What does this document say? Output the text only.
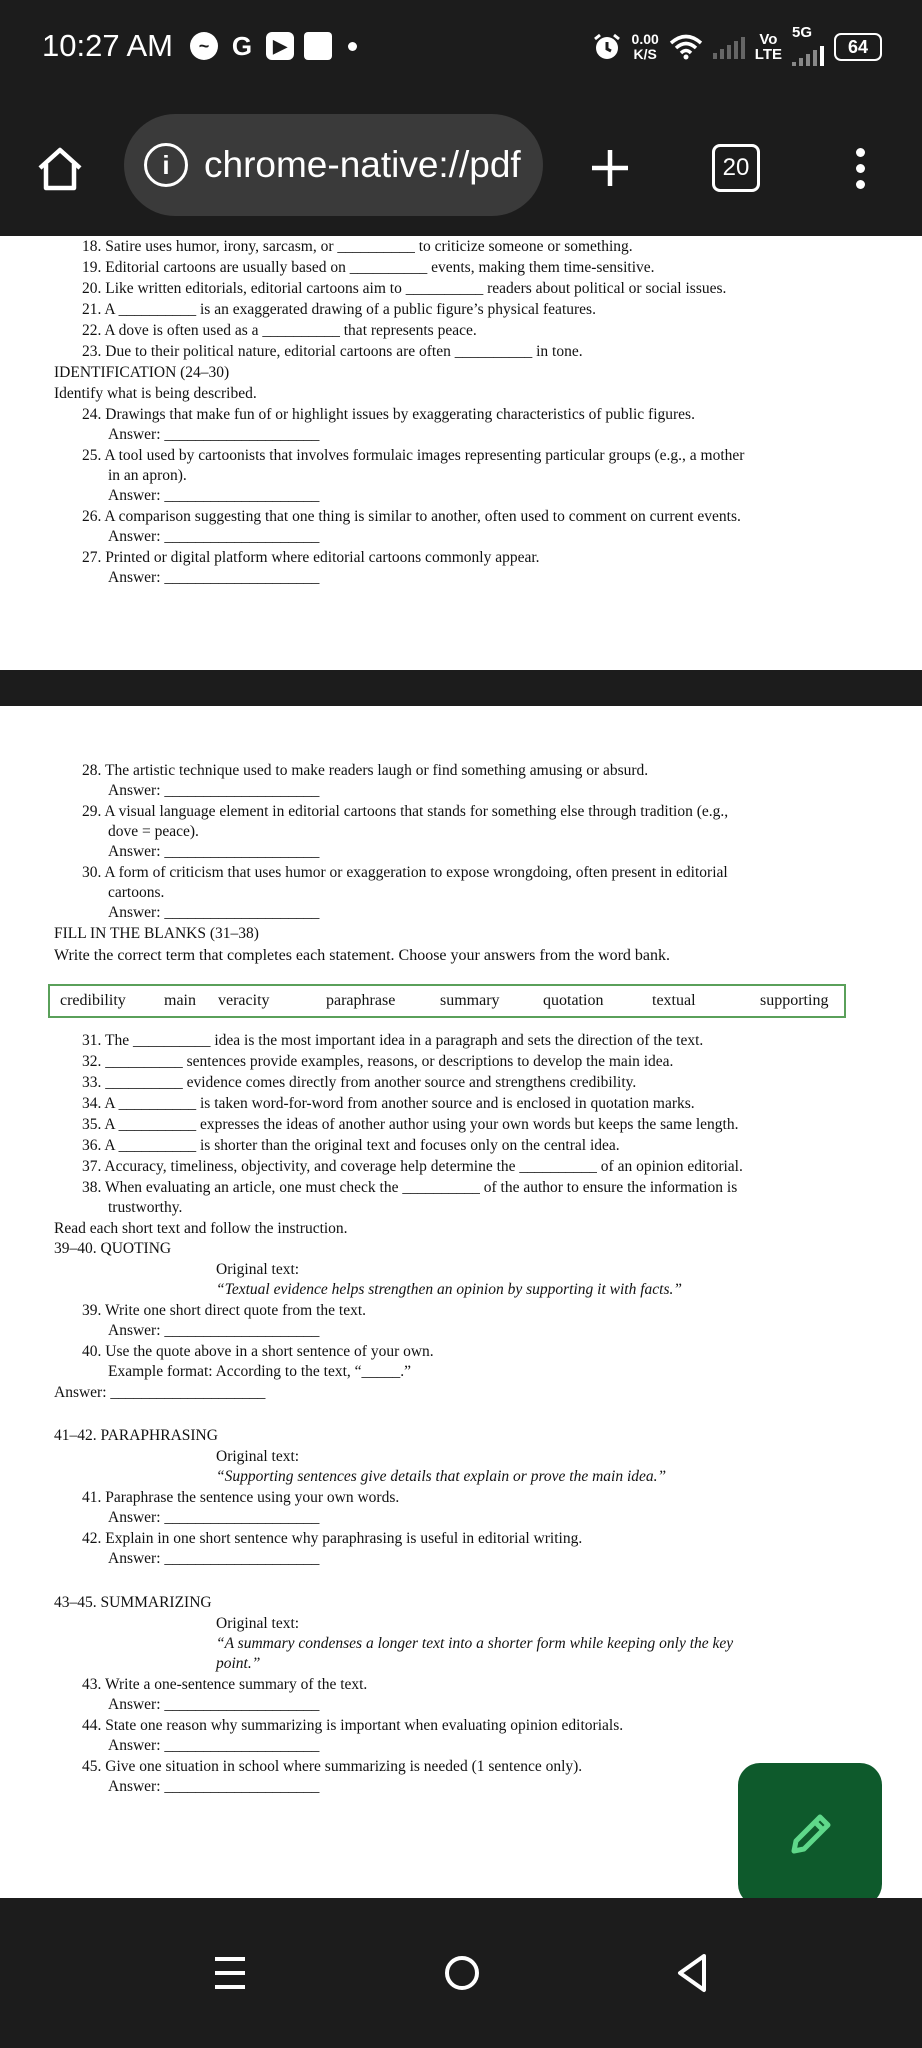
10:27 AM	~ G	▶	0.00
K/S
Vo
LTE
5G
64
i chrome-native://pdf	20
18. Satire uses humor, irony, sarcasm, or __________ to criticize someone or something.
19. Editorial cartoons are usually based on __________ events, making them time-sensitive.
20. Like written editorials, editorial cartoons aim to __________ readers about political or social issues.
21. A __________ is an exaggerated drawing of a public figure’s physical features.
22. A dove is often used as a __________ that represents peace.
23. Due to their political nature, editorial cartoons are often __________ in tone.
IDENTIFICATION (24–30)
Identify what is being described.
24. Drawings that make fun of or highlight issues by exaggerating characteristics of public figures.
Answer: ____________________
25. A tool used by cartoonists that involves formulaic images representing particular groups (e.g., a mother
in an apron).
Answer: ____________________
26. A comparison suggesting that one thing is similar to another, often used to comment on current events.
Answer: ____________________
27. Printed or digital platform where editorial cartoons commonly appear.
Answer: ____________________
28. The artistic technique used to make readers laugh or find something amusing or absurd.
Answer: ____________________
29. A visual language element in editorial cartoons that stands for something else through tradition (e.g.,
dove = peace).
Answer: ____________________
30. A form of criticism that uses humor or exaggeration to expose wrongdoing, often present in editorial
cartoons.
Answer: ____________________
FILL IN THE BLANKS (31–38)
Write the correct term that completes each statement. Choose your answers from the word bank.
credibility main veracity	paraphrase	summary	quotation	textual	supporting
31. The __________ idea is the most important idea in a paragraph and sets the direction of the text.
32. __________ sentences provide examples, reasons, or descriptions to develop the main idea.
33. __________ evidence comes directly from another source and strengthens credibility.
34. A __________ is taken word-for-word from another source and is enclosed in quotation marks.
35. A __________ expresses the ideas of another author using your own words but keeps the same length.
36. A __________ is shorter than the original text and focuses only on the central idea.
37. Accuracy, timeliness, objectivity, and coverage help determine the __________ of an opinion editorial.
38. When evaluating an article, one must check the __________ of the author to ensure the information is
trustworthy.
Read each short text and follow the instruction.
39–40. QUOTING
Original text:
“Textual evidence helps strengthen an opinion by supporting it with facts.”
39. Write one short direct quote from the text.
Answer: ____________________
40. Use the quote above in a short sentence of your own.
Example format: According to the text, “_____.”
Answer: ____________________
41–42. PARAPHRASING
Original text:
“Supporting sentences give details that explain or prove the main idea.”
41. Paraphrase the sentence using your own words.
Answer: ____________________
42. Explain in one short sentence why paraphrasing is useful in editorial writing.
Answer: ____________________
43–45. SUMMARIZING
Original text:
“A summary condenses a longer text into a shorter form while keeping only the key
point.”
43. Write a one-sentence summary of the text.
Answer: ____________________
44. State one reason why summarizing is important when evaluating opinion editorials.
Answer: ____________________
45. Give one situation in school where summarizing is needed (1 sentence only).
Answer: ____________________
